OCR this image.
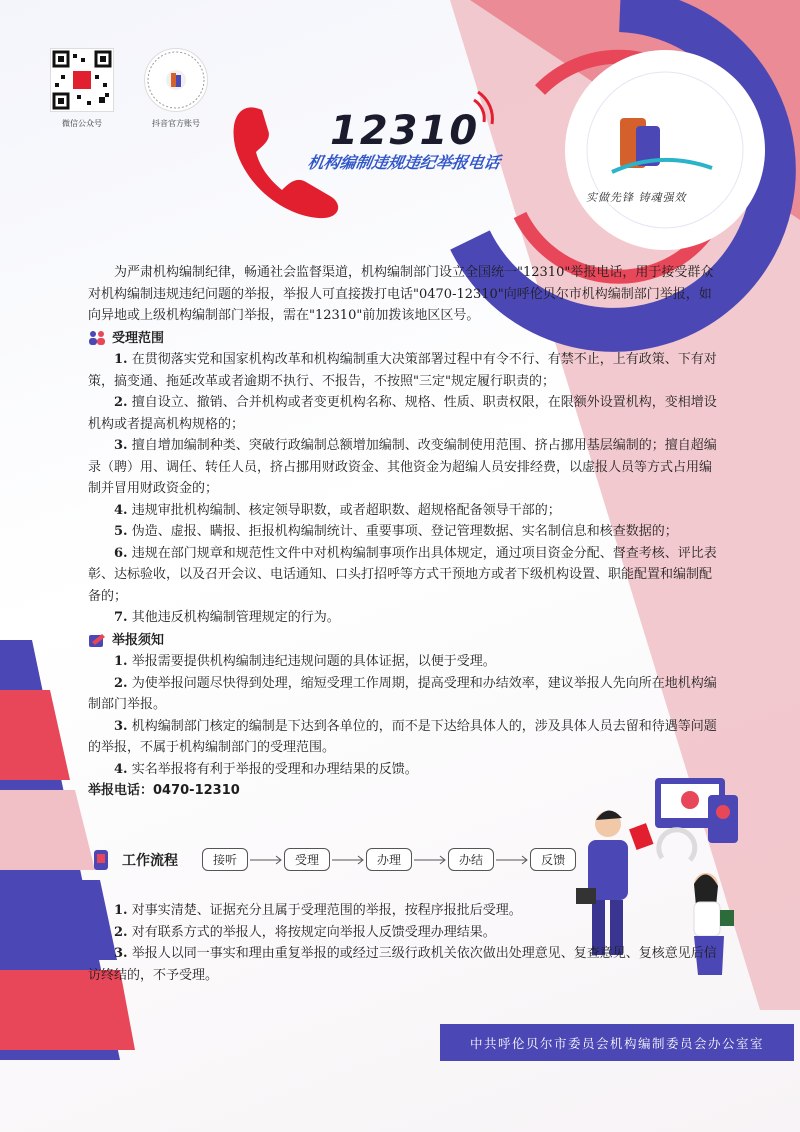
微信公众号	抖音官方账号	12310
机构编制违规违纪举报电话
实做先锋 铸魂强效

为严肃机构编制纪律，畅通社会监督渠道，机构编制部门设立全国统一"12310"举报电话，用于接受群众对机构编制违规违纪问题的举报，举报人可直接拨打电话"0470-12310"向呼伦贝尔市机构编制部门举报，如向异地或上级机构编制部门举报，需在"12310"前加拨该地区区号。

受理范围

1. 在贯彻落实党和国家机构改革和机构编制重大决策部署过程中有令不行、有禁不止，上有政策、下有对策，搞变通、拖延改革或者逾期不执行、不报告，不按照"三定"规定履行职责的；

2. 擅自设立、撤销、合并机构或者变更机构名称、规格、性质、职责权限，在限额外设置机构，变相增设机构或者提高机构规格的；

3. 擅自增加编制种类、突破行政编制总额增加编制、改变编制使用范围、挤占挪用基层编制的；擅自超编录（聘）用、调任、转任人员，挤占挪用财政资金、其他资金为超编人员安排经费，以虚报人员等方式占用编制并冒用财政资金的；

4. 违规审批机构编制、核定领导职数，或者超职数、超规格配备领导干部的；

5. 伪造、虚报、瞒报、拒报机构编制统计、重要事项、登记管理数据、实名制信息和核查数据的；

6. 违规在部门规章和规范性文件中对机构编制事项作出具体规定，通过项目资金分配、督查考核、评比表彰、达标验收，以及召开会议、电话通知、口头打招呼等方式干预地方或者下级机构设置、职能配置和编制配备的；

7. 其他违反机构编制管理规定的行为。

举报须知

1. 举报需要提供机构编制违纪违规问题的具体证据，以便于受理。

2. 为使举报问题尽快得到处理，缩短受理工作周期，提高受理和办结效率，建议举报人先向所在地机构编制部门举报。

3. 机构编制部门核定的编制是下达到各单位的，而不是下达给具体人的，涉及具体人员去留和待遇等问题的举报，不属于机构编制部门的受理范围。

4. 实名举报将有利于举报的受理和办理结果的反馈。

举报电话：0470-12310

工作流程	接听	受理	办理	办结	反馈

1. 对事实清楚、证据充分且属于受理范围的举报，按程序报批后受理。

2. 对有联系方式的举报人，将按规定向举报人反馈受理办理结果。

3. 举报人以同一事实和理由重复举报的或经过三级行政机关依次做出处理意见、复查意见、复核意见后信访终结的，不予受理。

中共呼伦贝尔市委员会机构编制委员会办公室室
